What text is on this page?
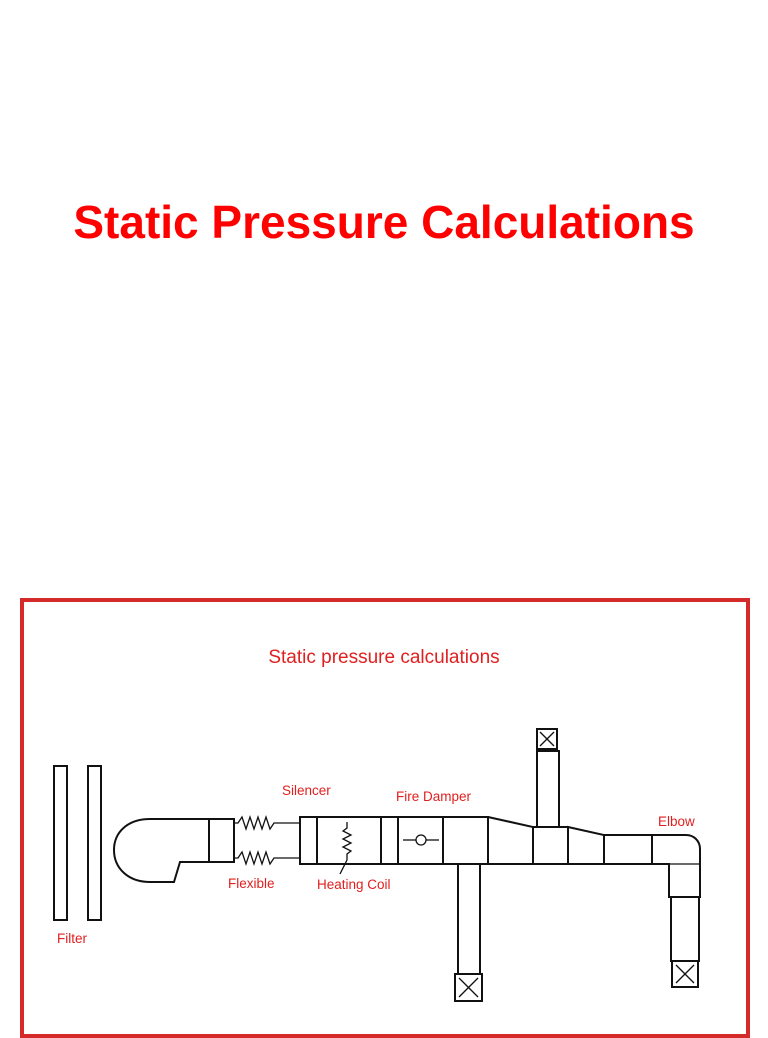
Static Pressure Calculations
Static pressure calculations
Filter
Flexible
Silencer
Heating Coil
Fire Damper
Elbow
